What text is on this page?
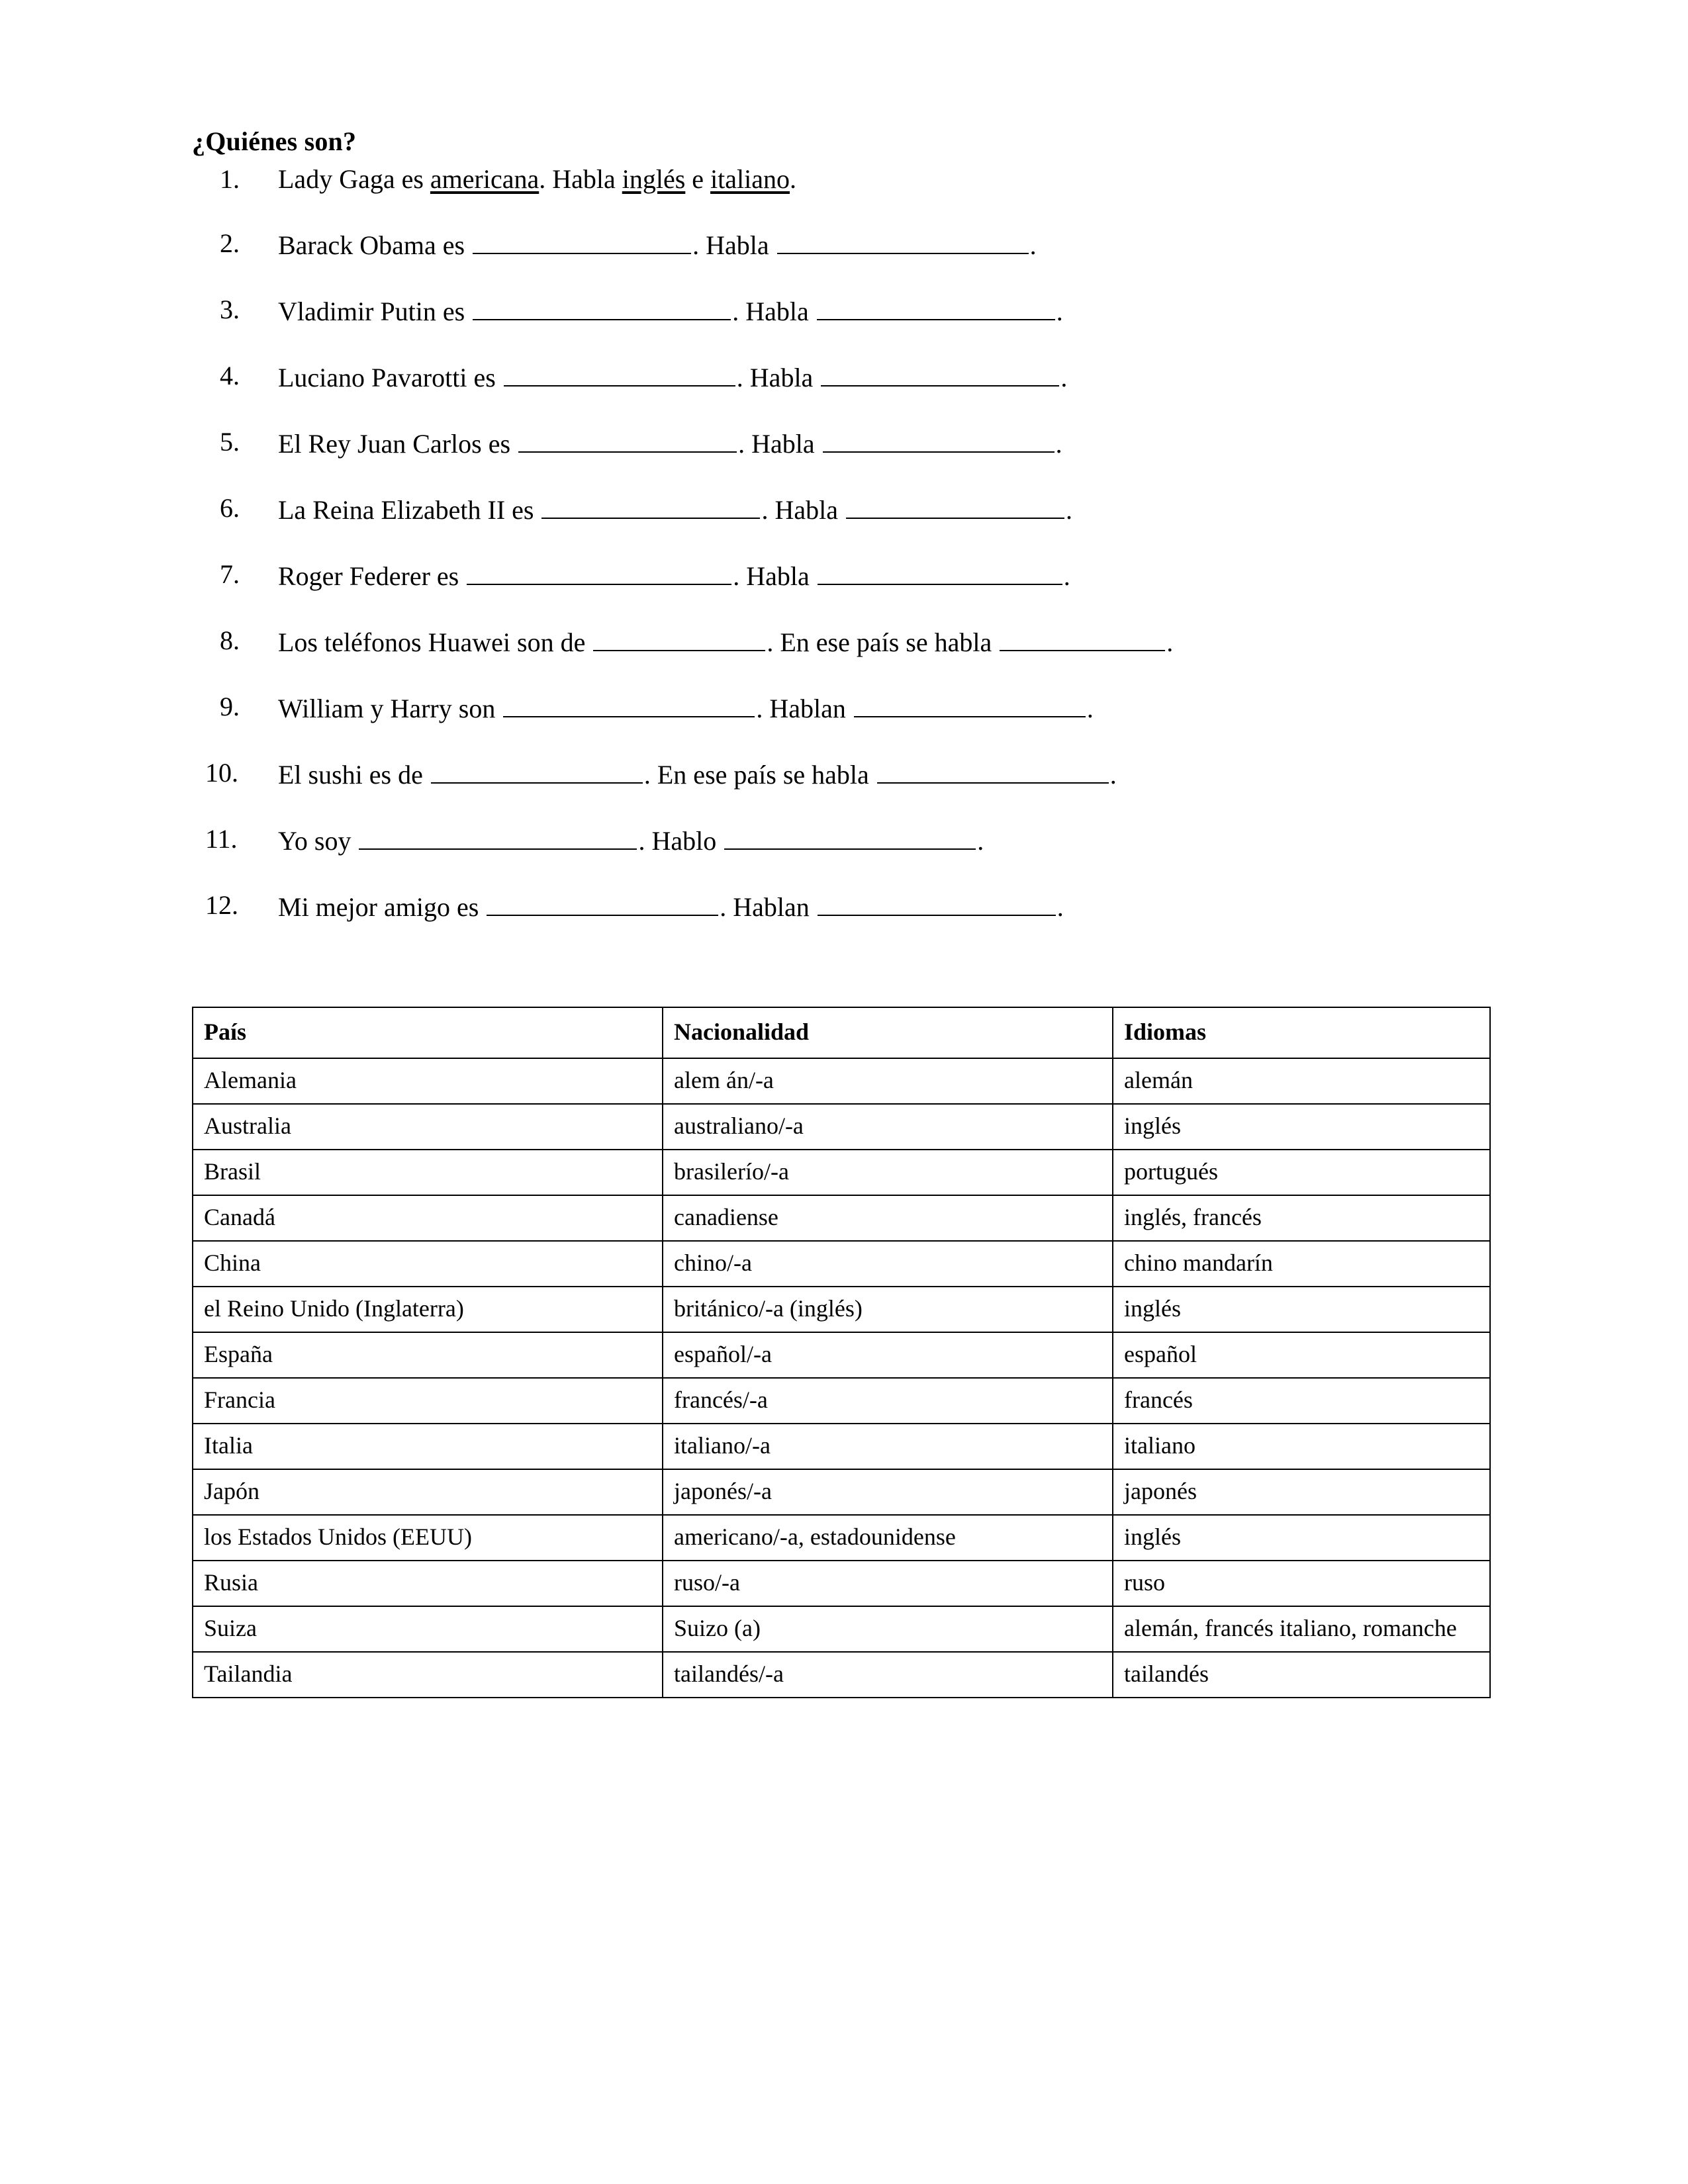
¿Quiénes son?
1.	Lady Gaga es americana. Habla inglés e italiano.
2.	Barack Obama es	. Habla	.
3.	Vladimir Putin es	. Habla	.
4.	Luciano Pavarotti es	. Habla	.
5.	El Rey Juan Carlos es	. Habla	.
6.	La Reina Elizabeth II es	. Habla	.
7.	Roger Federer es	. Habla	.
8.	Los teléfonos Huawei son de	. En ese país se habla	.
9.	William y Harry son	. Hablan	.
10.	El sushi es de	. En ese país se habla	.
11.	Yo soy	. Hablo	.
12.	Mi mejor amigo es	. Hablan	.
País	Nacionalidad	Idiomas
Alemania	alem án/-a	alemán
Australia	australiano/-a	inglés
Brasil	brasilerío/-a	portugués
Canadá	canadiense	inglés, francés
China	chino/-a	chino mandarín
el Reino Unido (Inglaterra)	británico/-a (inglés)	inglés
España	español/-a	español
Francia	francés/-a	francés
Italia	italiano/-a	italiano
Japón	japonés/-a	japonés
los Estados Unidos (EEUU)	americano/-a, estadounidense	inglés
Rusia	ruso/-a	ruso
Suiza	Suizo (a)	alemán, francés italiano, romanche
Tailandia	tailandés/-a	tailandés
